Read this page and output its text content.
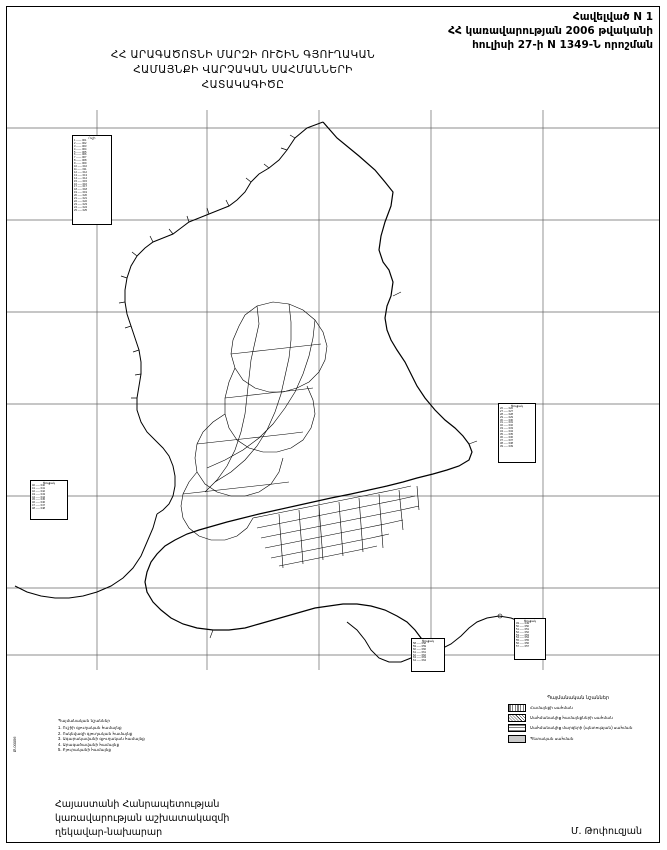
Հավելված N 1
ՀՀ կառավարության 2006 թվականի
հուլիսի 27-ի N 1349-Ն որոշման
ՀՀ ԱՐԱԳԱԾՈՏՆԻ ՄԱՐԶԻ ՈՒՇԻՆ ԳՅՈՒՂԱԿԱՆ
ՀԱՄԱՅՆՔԻ ՎԱՐՉԱԿԱՆ ՍԱՀՄԱՆՆԵՐԻ
ՀԱՏԱԿԱԳԻԾԸ
Ուշի
1 ------ 001
2 ------ 002
3 ------ 003
4 ------ 004
5 ------ 005
6 ------ 006
7 ------ 007
8 ------ 008
9 ------ 009
10 ----- 010
11 ----- 011
12 ----- 012
13 ----- 013
14 ----- 014
15 ----- 015
16 ----- 016
17 ----- 017
18 ----- 018
19 ----- 019
20 ----- 020
21 ----- 021
22 ----- 022
23 ----- 023
24 ----- 024
25 ----- 025
Ցուցակ
26 ----- 026
27 ----- 027
28 ----- 028
29 ----- 029
30 ----- 030
31 ----- 031
32 ----- 032
33 ----- 033
34 ----- 034
35 ----- 035
36 ----- 036
37 ----- 037
38 ----- 038
39 ----- 039
Ցուցակ
40 ----- 040
41 ----- 041
42 ----- 042
43 ----- 043
44 ----- 044
45 ----- 045
46 ----- 046
47 ----- 047
48 ----- 048
Ցուցակ
49 ----- 049
50 ----- 050
51 ----- 051
52 ----- 052
53 ----- 053
54 ----- 054
55 ----- 055
56 ----- 056
57 ----- 057
Ցուցակ
58 ----- 058
59 ----- 059
60 ----- 060
61 ----- 061
62 ----- 062
63 ----- 063
64 ----- 064
Պայմանական նշաններ
Համայնքի սահման
Սահմանակից համայնքների սահման
Սահմանակից մարզերի (պետության) սահման
Պետական սահման
Պայմանական նշաններ
1. Ուշիի գյուղական համայնք
2. Ոսկեվազի գյուղական համայնք
3. Ագարակավանի գյուղական համայնք
4. Արագածավանի համայնք
5. Բյուրականի համայնք
Ք-00056
Հայաստանի Հանրապետության
կառավարության աշխատակազմի
ղեկավար-նախարար	Մ. Թոփուզյան
